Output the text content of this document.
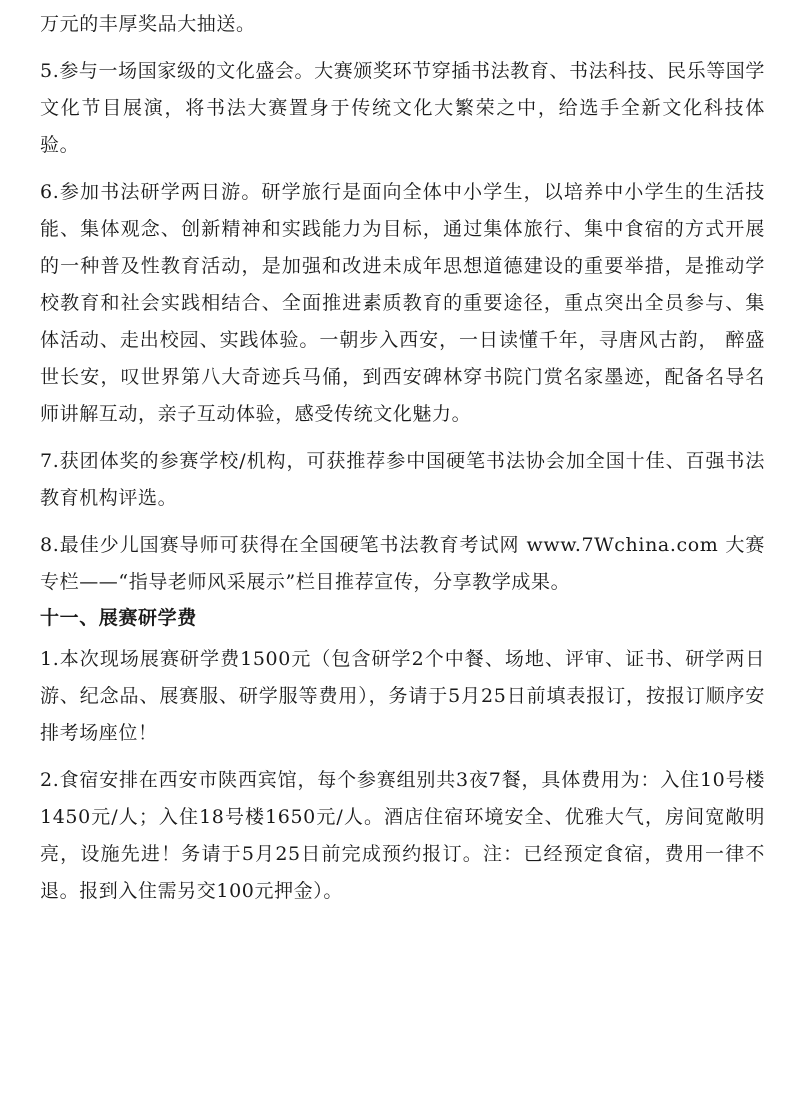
万元的丰厚奖品大抽送。

5.参与一场国家级的文化盛会。大赛颁奖环节穿插书法教育、书法科技、民乐等国学文化节目展演，将书法大赛置身于传统文化大繁荣之中，给选手全新文化科技体验。

6.参加书法研学两日游。研学旅行是面向全体中小学生，以培养中小学生的生活技能、集体观念、创新精神和实践能力为目标，通过集体旅行、集中食宿的方式开展的一种普及性教育活动，是加强和改进未成年思想道德建设的重要举措，是推动学校教育和社会实践相结合、全面推进素质教育的重要途径，重点突出全员参与、集体活动、走出校园、实践体验。一朝步入西安，一日读懂千年，寻唐风古韵， 醉盛世长安，叹世界第八大奇迹兵马俑，到西安碑林穿书院门赏名家墨迹，配备名导名师讲解互动，亲子互动体验，感受传统文化魅力。

7.获团体奖的参赛学校/机构，可获推荐参中国硬笔书法协会加全国十佳、百强书法教育机构评选。

8.最佳少儿国赛导师可获得在全国硬笔书法教育考试网 www.7Wchina.com 大赛专栏——“指导老师风采展示”栏目推荐宣传，分享教学成果。

十一、展赛研学费

1.本次现场展赛研学费1500元（包含研学2个中餐、场地、评审、证书、研学两日游、纪念品、展赛服、研学服等费用），务请于5月25日前填表报订，按报订顺序安排考场座位！

2.食宿安排在西安市陕西宾馆，每个参赛组别共3夜7餐，具体费用为：入住10号楼1450元/人；入住18号楼1650元/人。酒店住宿环境安全、优雅大气，房间宽敞明亮，设施先进！务请于5月25日前完成预约报订。注：已经预定食宿，费用一律不退。报到入住需另交100元押金）。
